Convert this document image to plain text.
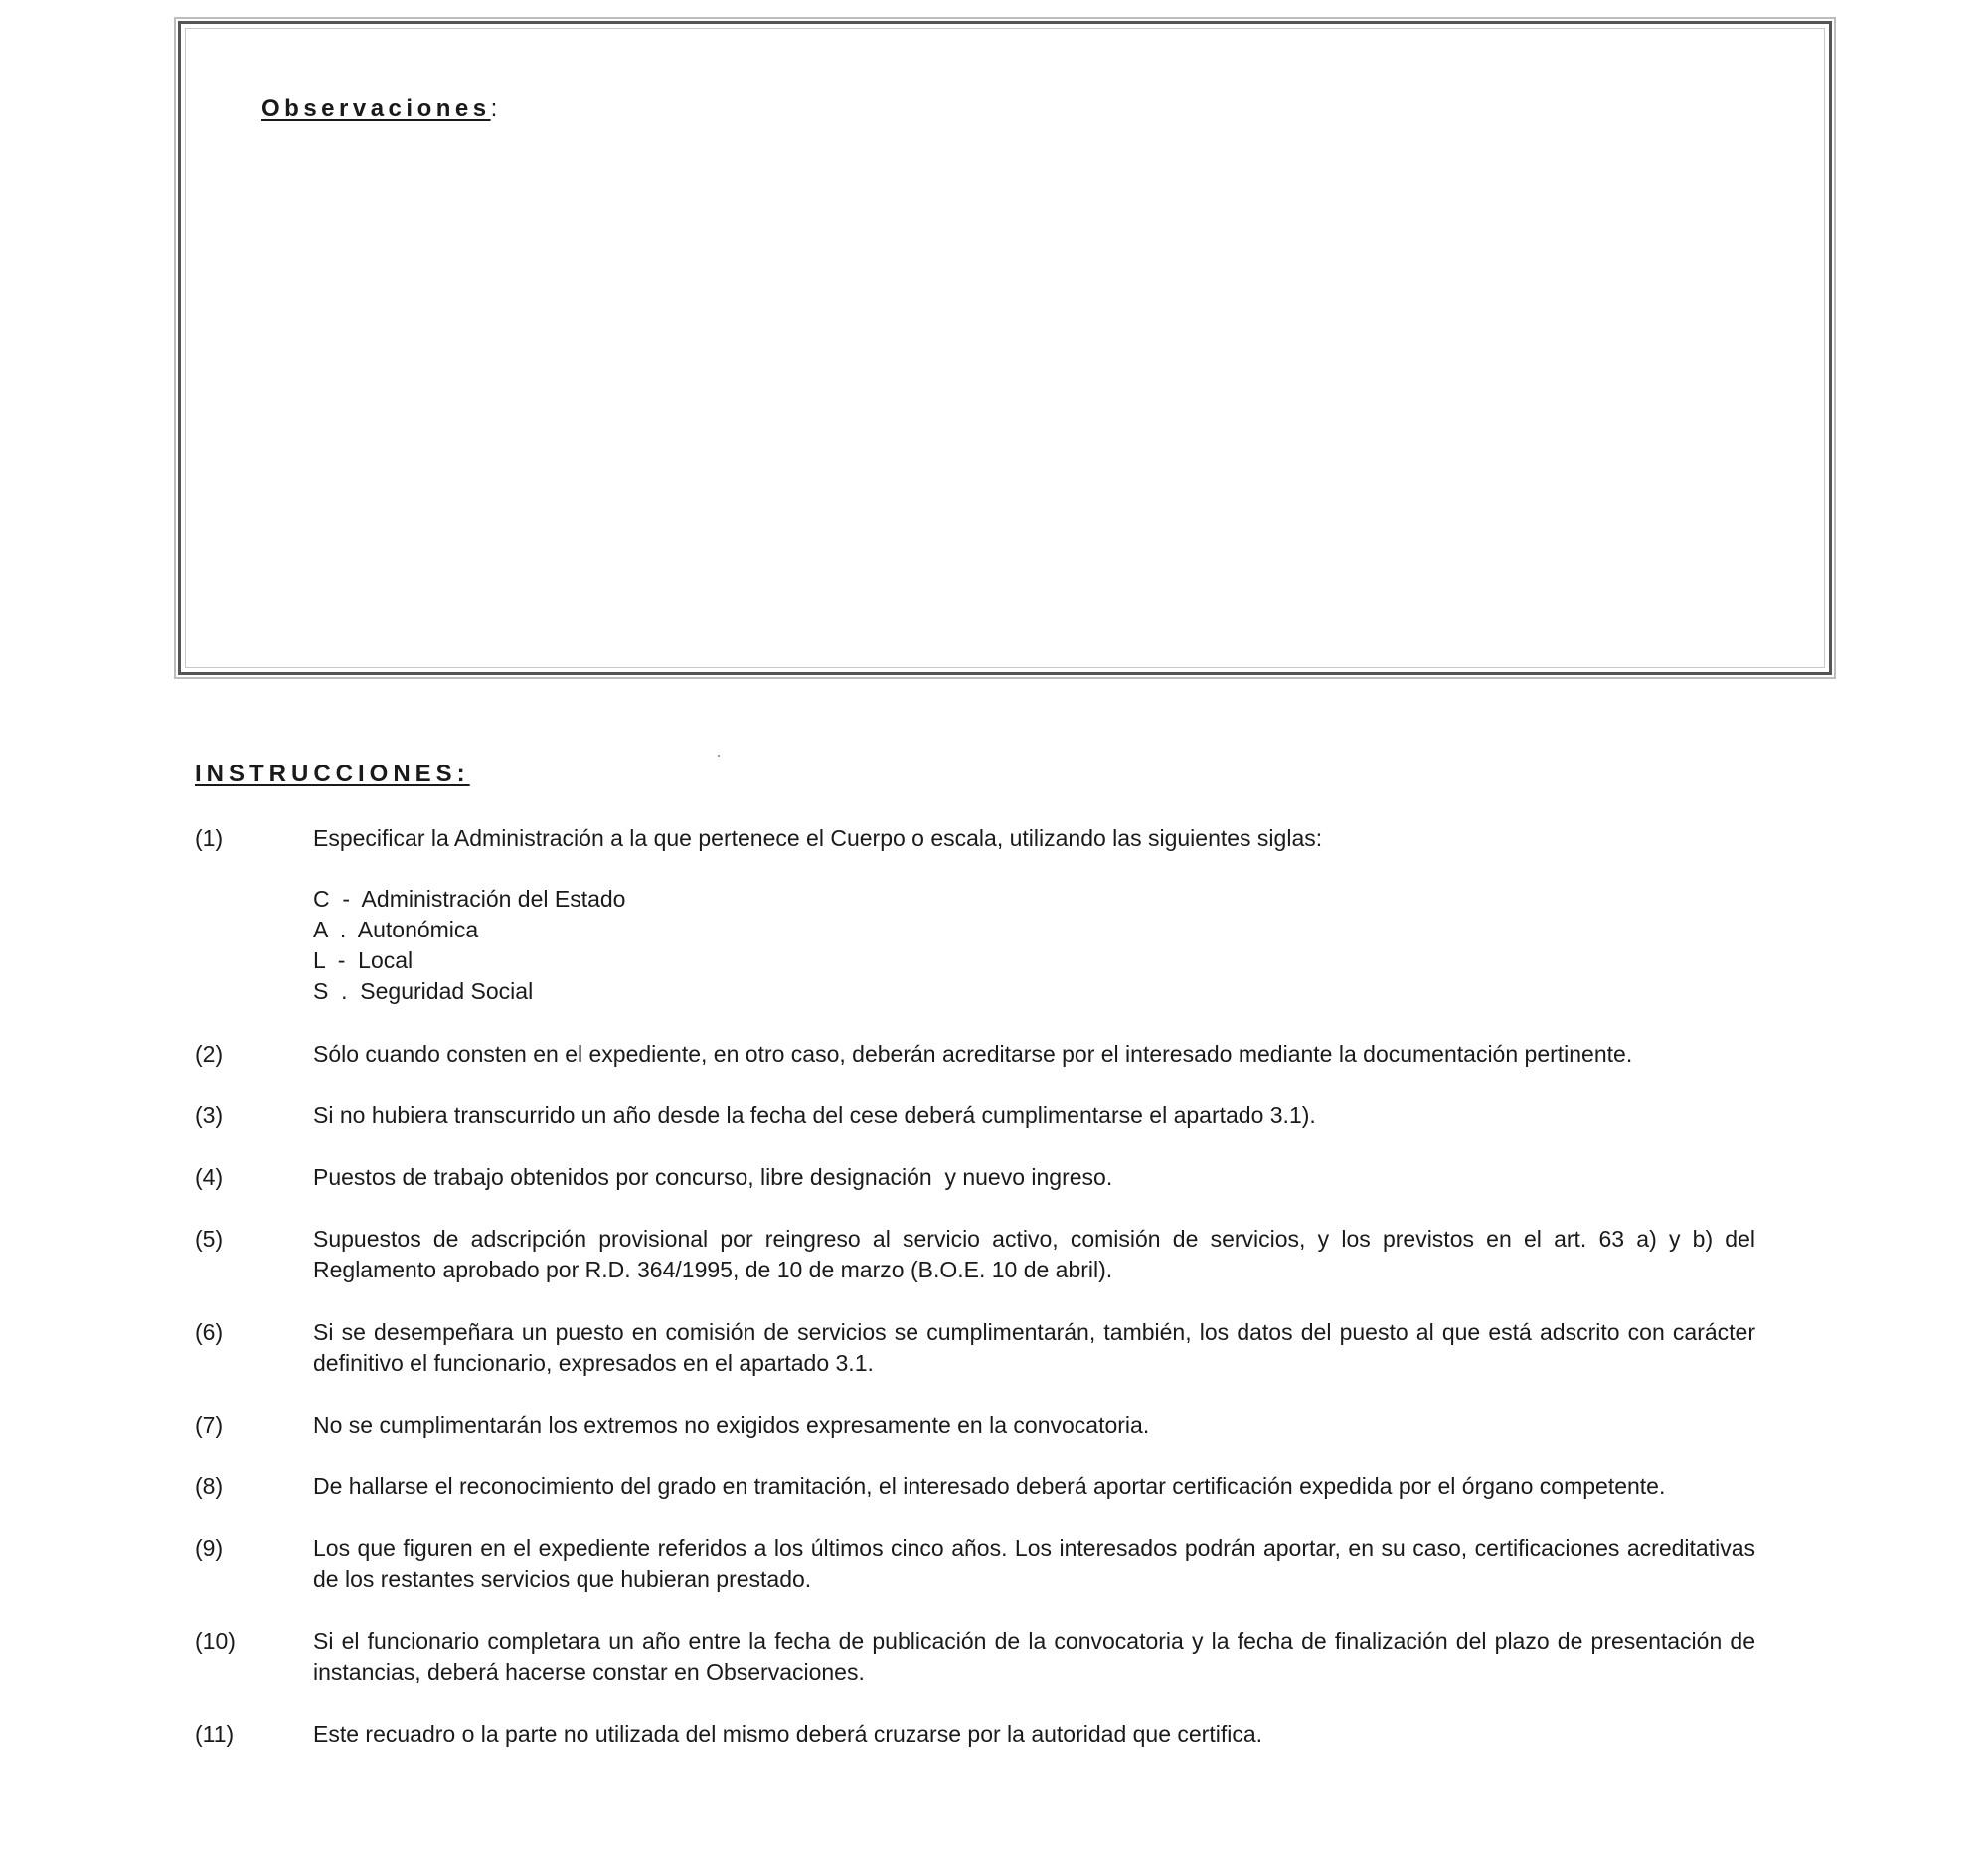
Observaciones:
INSTRUCCIONES:
(1)	Especificar la Administración a la que pertenece el Cuerpo o escala, utilizando las siguientes siglas:
C  -  Administración del Estado
A  .  Autonómica
L  -  Local
S  .  Seguridad Social
(2)	Sólo cuando consten en el expediente, en otro caso, deberán acreditarse por el interesado mediante la documentación pertinente.
(3)	Si no hubiera transcurrido un año desde la fecha del cese deberá cumplimentarse el apartado 3.1).
(4)	Puestos de trabajo obtenidos por concurso, libre designación  y nuevo ingreso.
(5)	Supuestos de adscripción provisional por reingreso al servicio activo, comisión de servicios, y los previstos en el art. 63 a) y b) del Reglamento aprobado por R.D. 364/1995, de 10 de marzo (B.O.E. 10 de abril).
(6)	Si se desempeñara un puesto en comisión de servicios se cumplimentarán, también, los datos del puesto al que está adscrito con carácter definitivo el funcionario, expresados en el apartado 3.1.
(7)	No se cumplimentarán los extremos no exigidos expresamente en la convocatoria.
(8)	De hallarse el reconocimiento del grado en tramitación, el interesado deberá aportar certificación expedida por el órgano competente.
(9)	Los que figuren en el expediente referidos a los últimos cinco años. Los interesados podrán aportar, en su caso, certificaciones acreditativas de los restantes servicios que hubieran prestado.
(10)	Si el funcionario completara un año entre la fecha de publicación de la convocatoria y la fecha de finalización del plazo de presentación de instancias, deberá hacerse constar en Observaciones.
(11)	Este recuadro o la parte no utilizada del mismo deberá cruzarse por la autoridad que certifica.
